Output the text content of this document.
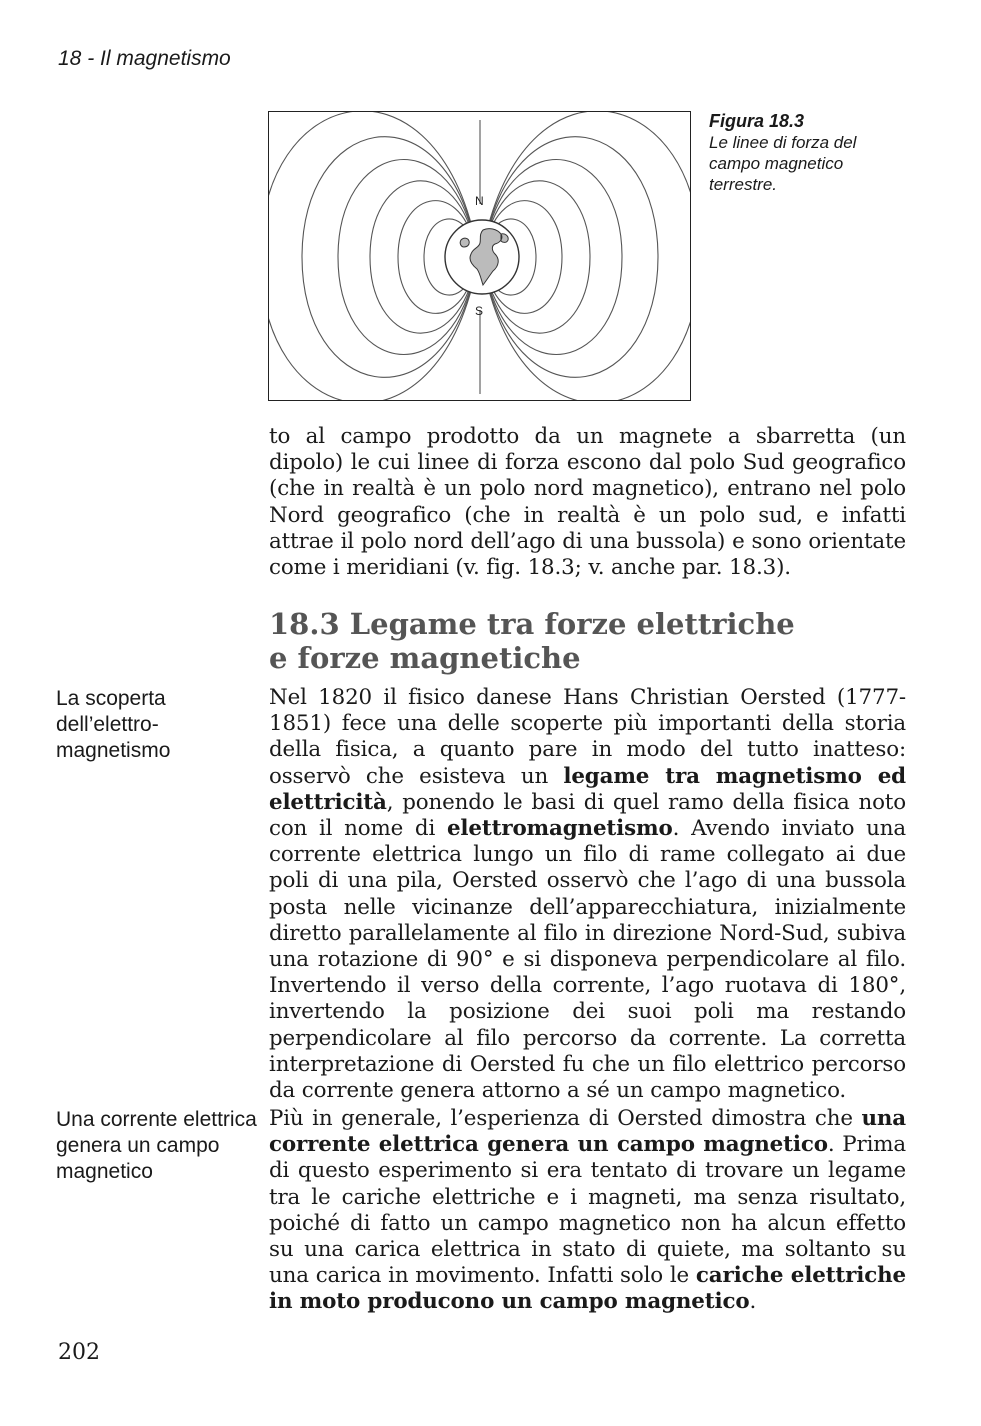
18 - Il magnetismo
N
S
Figura 18.3
Le linee di forza del
campo magnetico
terrestre.
to al campo prodotto da un magnete a sbarretta (un dipolo) le cui linee di forza escono dal polo Sud geografico (che in realtà è un polo nord magnetico), entrano nel polo Nord geografico (che in realtà è un polo sud, e infatti attrae il polo nord dell’ago di una bussola) e sono orientate come i meridiani (v. fig. 18.3; v. anche par. 18.3).
18.3 Legame tra forze elettriche
e forze magnetiche
La scoperta
dell’elettro-
magnetismo
Nel 1820 il fisico danese Hans Christian Oersted (1777-1851) fece una delle scoperte più importanti della storia della fisica, a quanto pare in modo del tutto inatteso: osservò che esisteva un legame tra magnetismo ed elettricità, ponendo le basi di quel ramo della fisica noto con il nome di elettromagnetismo. Avendo inviato una corrente elettrica lungo un filo di rame collegato ai due poli di una pila, Oersted osservò che l’ago di una bussola posta nelle vicinanze dell’apparecchiatura, inizialmente diretto parallelamente al filo in direzione Nord-Sud, subiva una rotazione di 90° e si disponeva perpendicolare al filo. Invertendo il verso della corrente, l’ago ruotava di 180°, invertendo la posizione dei suoi poli ma restando perpendicolare al filo percorso da corrente. La corretta interpretazione di Oersted fu che un filo elettrico percorso da corrente genera attorno a sé un campo magnetico.
Una corrente elettrica
genera un campo
magnetico
Più in generale, l’esperienza di Oersted dimostra che una corrente elettrica genera un campo magnetico. Prima di questo esperimento si era tentato di trovare un legame tra le cariche elettriche e i magneti, ma senza risultato, poiché di fatto un campo magnetico non ha alcun effetto su una carica elettrica in stato di quiete, ma soltanto su una carica in movimento. Infatti solo le cariche elettriche in moto producono un campo magnetico.
202
